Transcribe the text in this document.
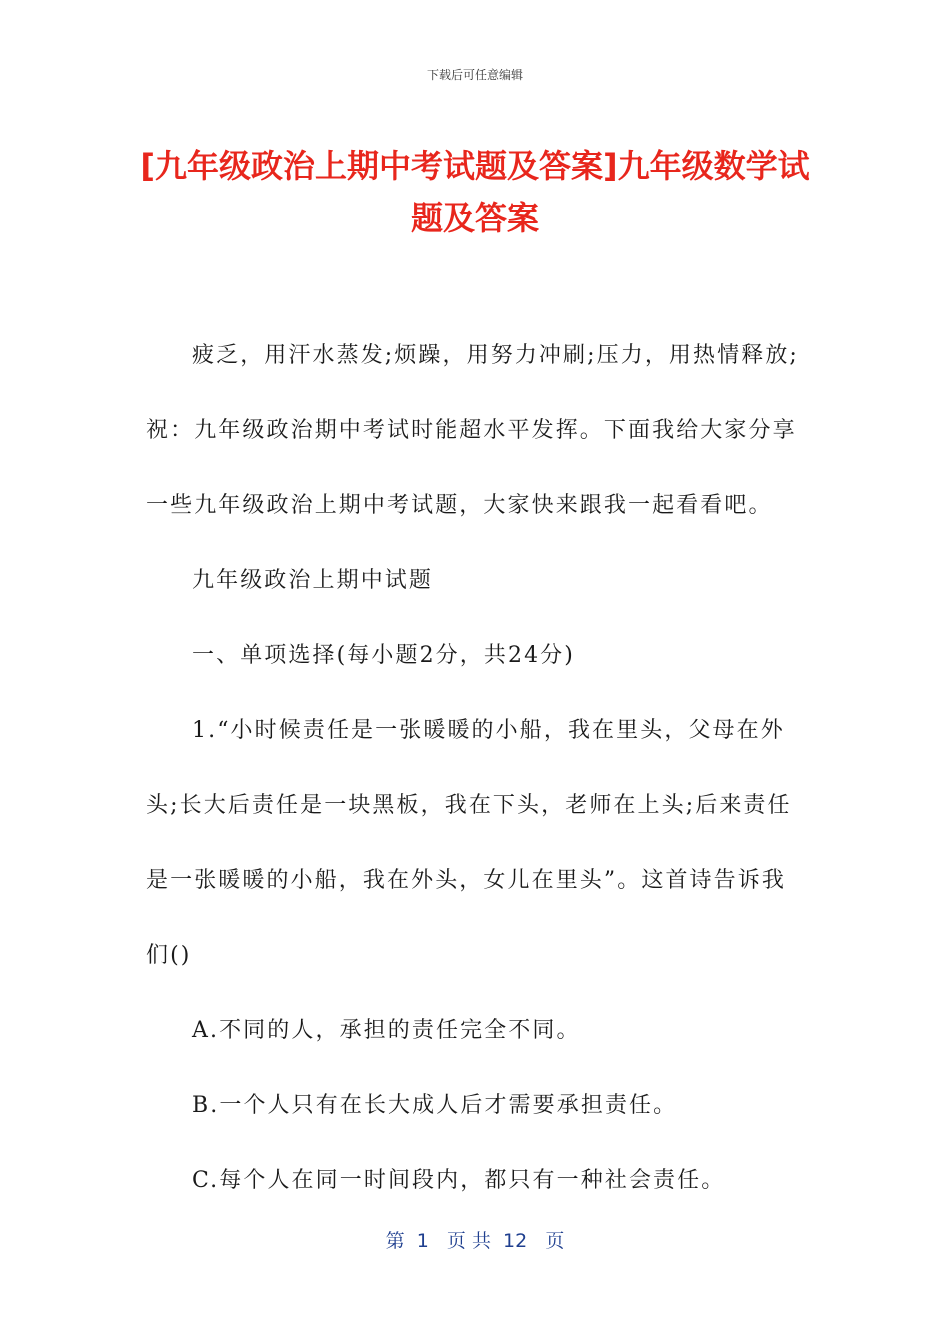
下载后可任意编辑
[九年级政治上期中考试题及答案]九年级数学试题及答案

疲乏，用汗水蒸发;烦躁，用努力冲刷;压力，用热情释放;祝：九年级政治期中考试时能超水平发挥。下面我给大家分享一些九年级政治上期中考试题，大家快来跟我一起看看吧。

九年级政治上期中试题

一、单项选择(每小题2分，共24分)

1.“小时候责任是一张暖暖的小船，我在里头，父母在外头;长大后责任是一块黑板，我在下头，老师在上头;后来责任是一张暖暖的小船，我在外头，女儿在里头”。这首诗告诉我们()

A.不同的人，承担的责任完全不同。

B.一个人只有在长大成人后才需要承担责任。

C.每个人在同一时间段内，都只有一种社会责任。

第  1   页 共  12   页
